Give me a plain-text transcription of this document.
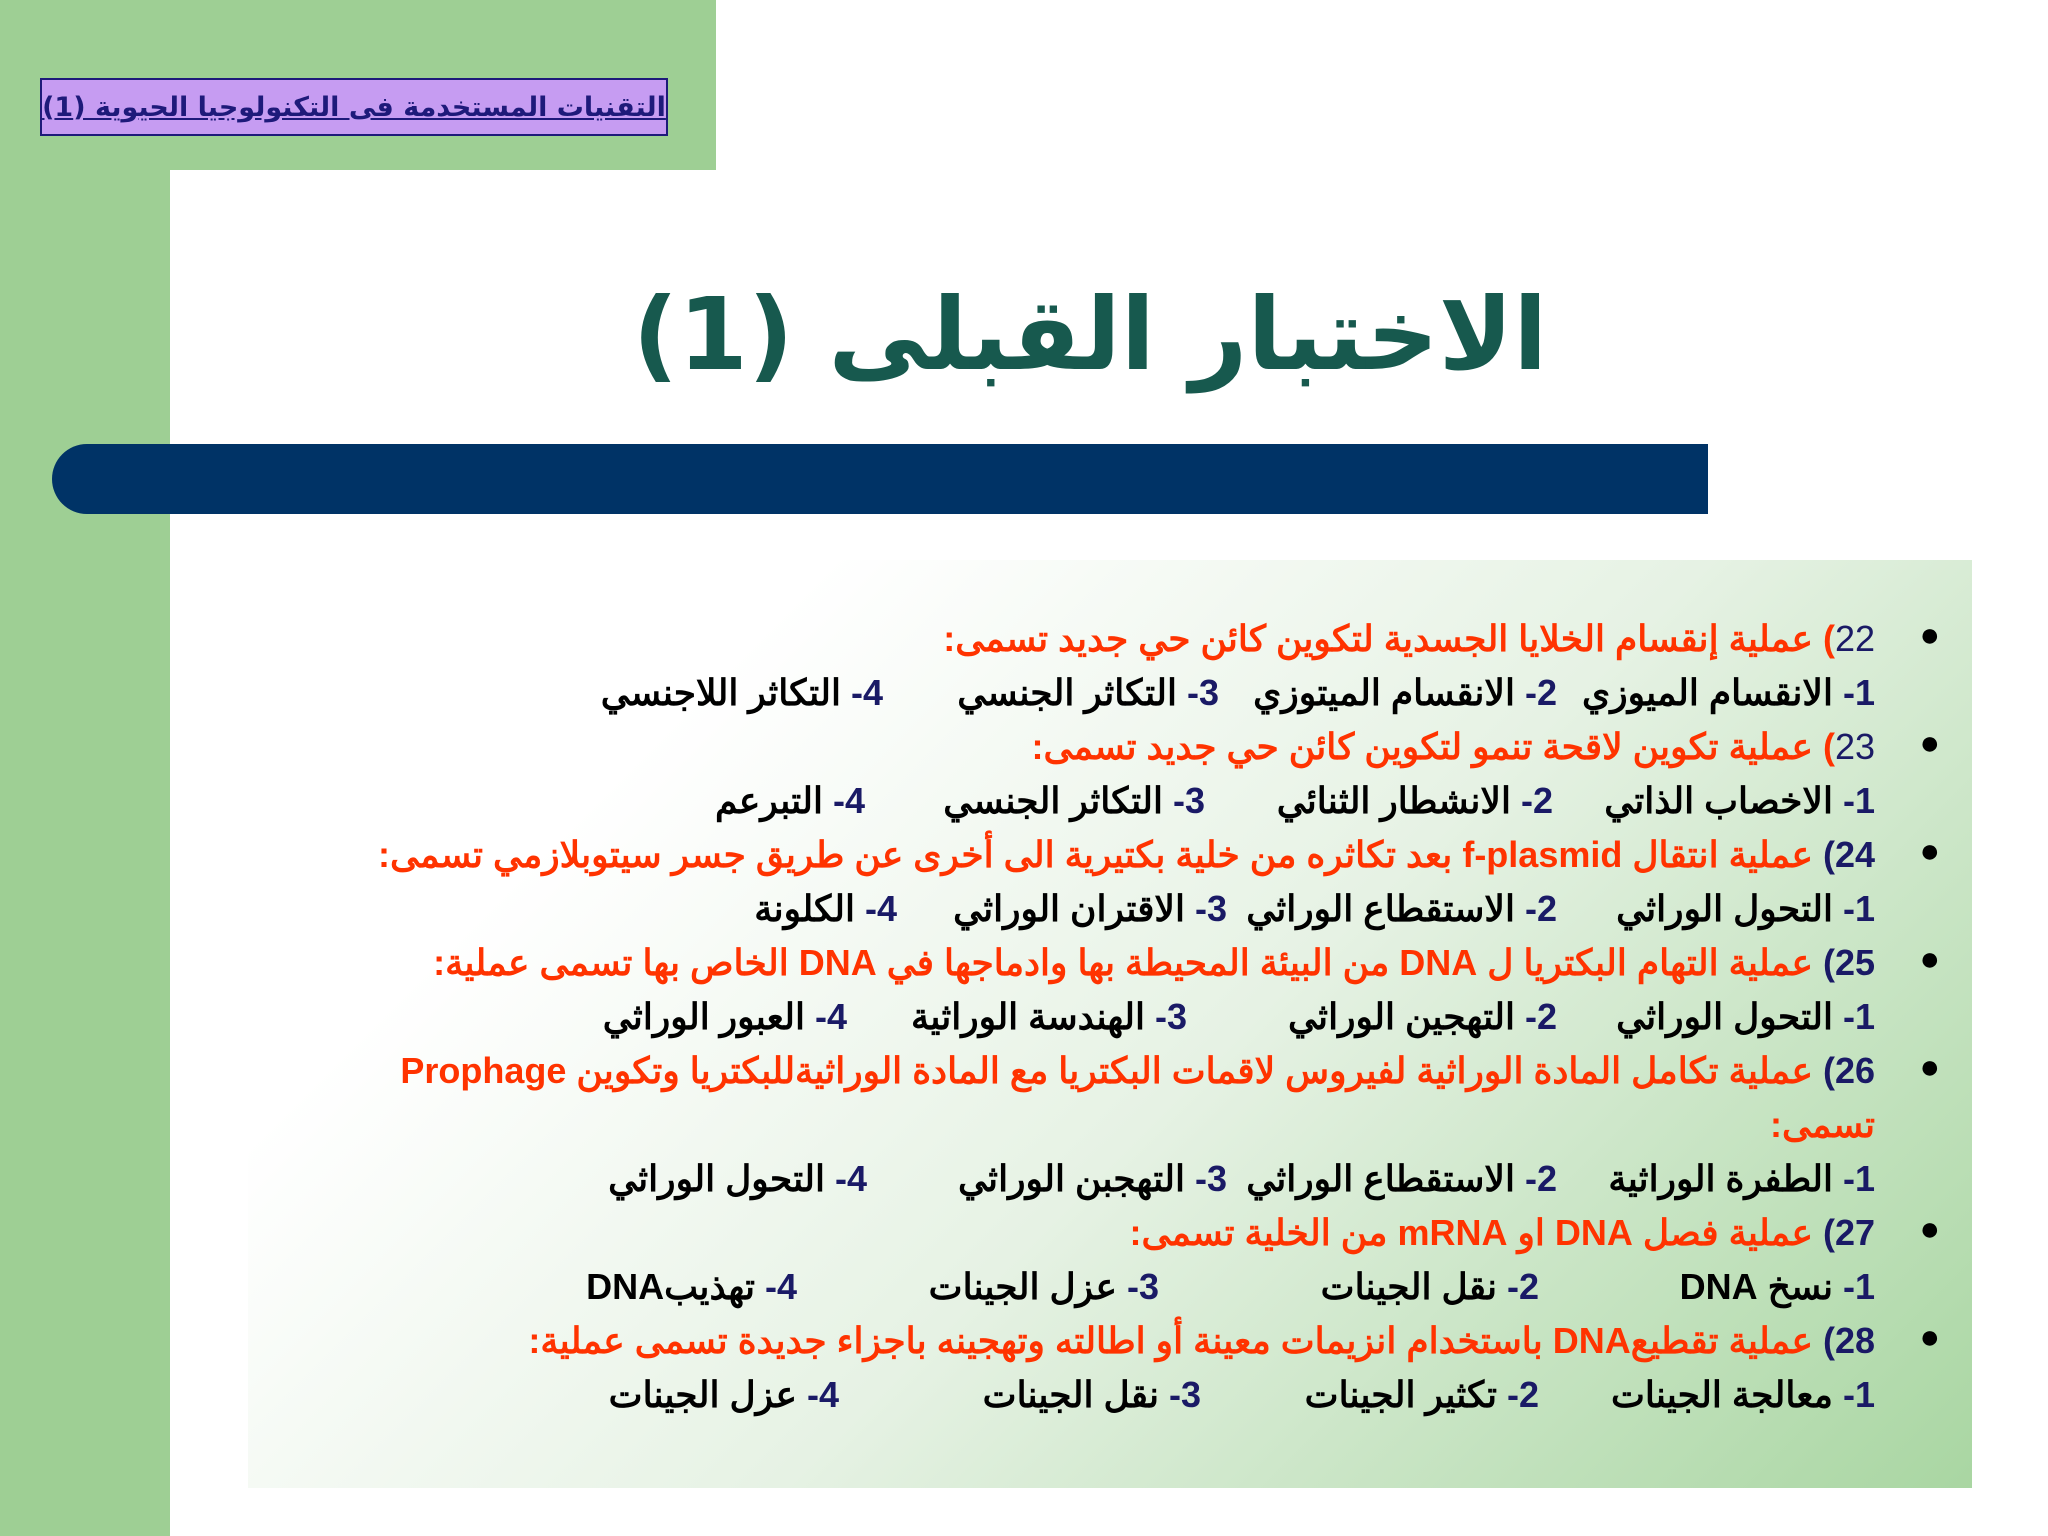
التقنيات المستخدمة فى التكنولوجيا الحيوية (1)
الاختبار القبلى (1)
●
22) عملية إنقسام الخلايا الجسدية لتكوين كائن حي جديد تسمى:
1- الانقسام الميوزي
2- الانقسام الميتوزي
3- التكاثر الجنسي
4- التكاثر اللاجنسي
●
23) عملية تكوين لاقحة تنمو لتكوين كائن حي جديد تسمى:
1- الاخصاب الذاتي
2- الانشطار الثنائي
3- التكاثر الجنسي
4- التبرعم
●
24) عملية انتقال f-plasmid بعد تكاثره من خلية بكتيرية الى أخرى عن طريق جسر سيتوبلازمي تسمى:
1- التحول الوراثي
2- الاستقطاع الوراثي
3- الاقتران الوراثي
4- الكلونة
●
25) عملية التهام البكتريا ل DNA من البيئة المحيطة بها وادماجها في DNA الخاص بها تسمى عملية:
1- التحول الوراثي
2- التهجين الوراثي
3- الهندسة الوراثية
4- العبور الوراثي
●
26) عملية تكامل المادة الوراثية لفيروس لاقمات البكتريا مع المادة الوراثيةللبكتريا وتكوين Prophage تسمى:
1- الطفرة الوراثية
2- الاستقطاع الوراثي
3- التهجبن الوراثي
4- التحول الوراثي
●
27) عملية فصل DNA او mRNA من الخلية تسمى:
1- نسخ DNA
2- نقل الجينات
3- عزل الجينات
4- تهذيبDNA
●
28) عملية تقطيعDNA باستخدام انزيمات معينة أو اطالته وتهجينه باجزاء جديدة تسمى عملية:
1- معالجة الجينات
2- تكثير الجينات
3- نقل الجينات
4- عزل الجينات
